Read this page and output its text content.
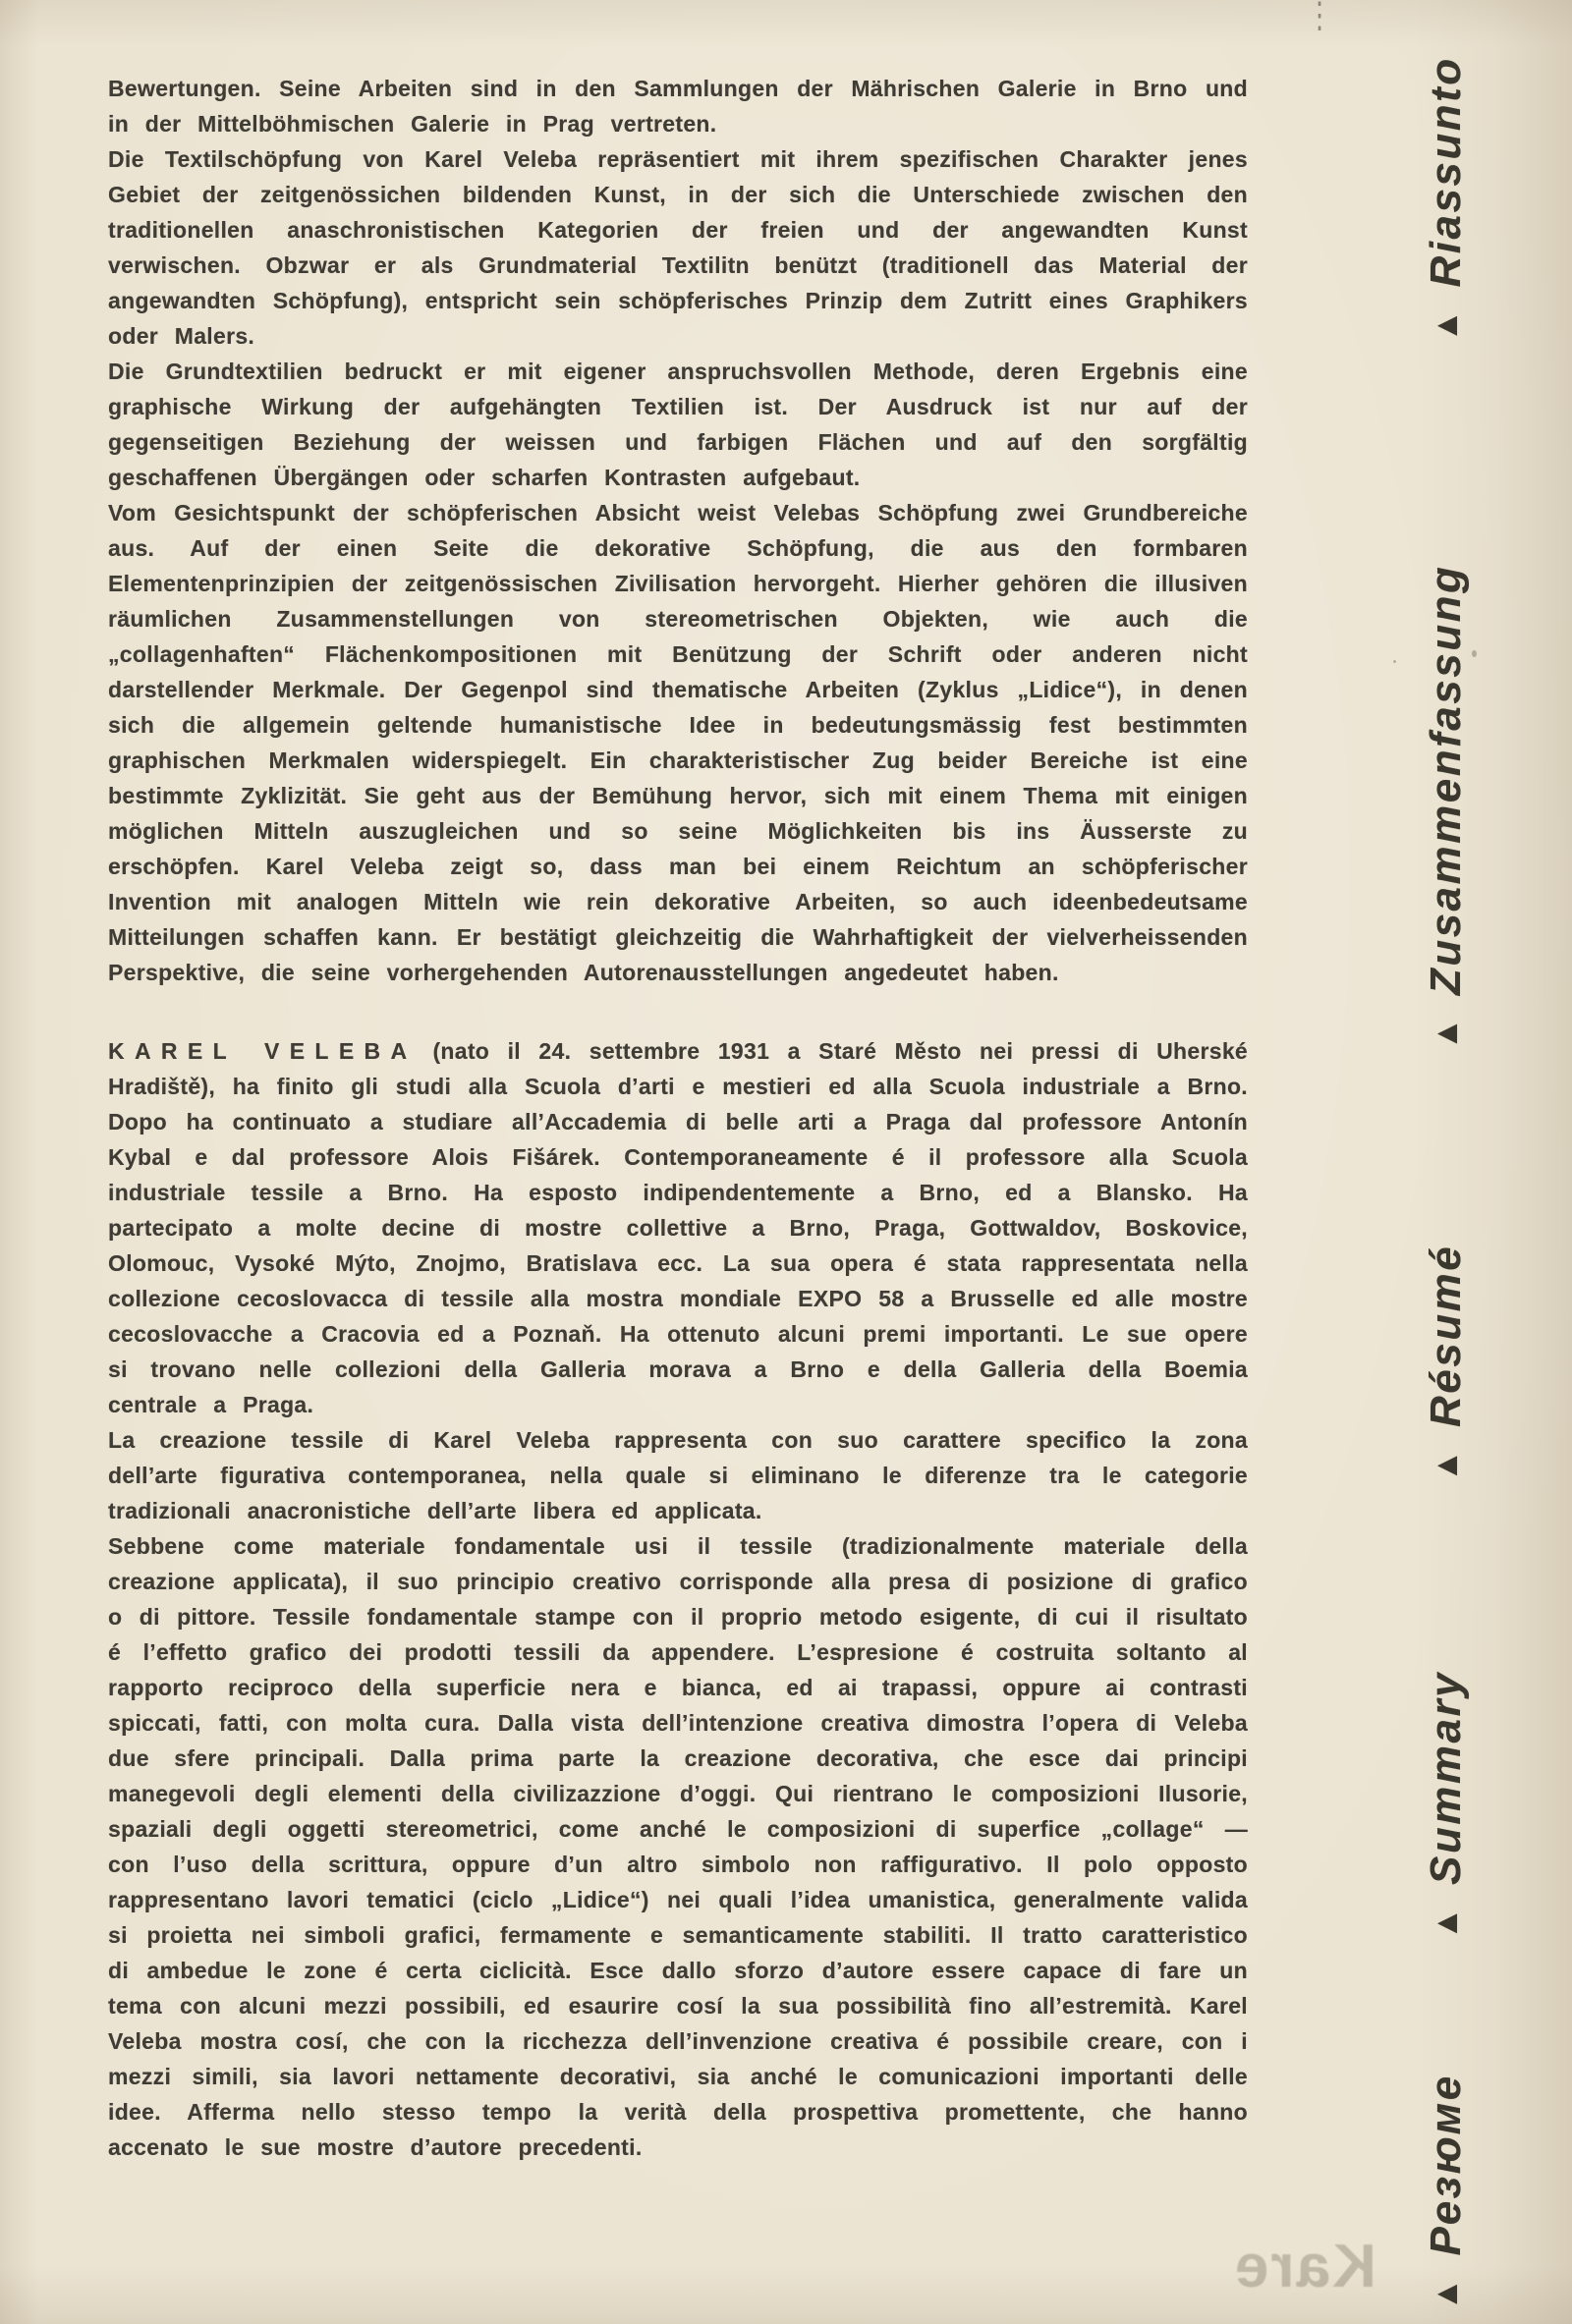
Bewertungen. Seine Arbeiten sind in den Sammlungen der Mährischen Galerie in Brno und in der Mittelböhmischen Galerie in Prag vertreten.

Die Textilschöpfung von Karel Veleba repräsentiert mit ihrem spezifischen Charakter jenes Gebiet der zeitgenössichen bildenden Kunst, in der sich die Unterschiede zwischen den traditionellen anaschronistischen Kategorien der freien und der angewandten Kunst verwischen. Obzwar er als Grundmaterial Textilitn benützt (traditionell das Material der angewandten Schöpfung), entspricht sein schöpferisches Prinzip dem Zutritt eines Graphikers oder Malers.

Die Grundtextilien bedruckt er mit eigener anspruchsvollen Methode, deren Ergebnis eine graphische Wirkung der aufgehängten Textilien ist. Der Ausdruck ist nur auf der gegenseitigen Beziehung der weissen und farbigen Flächen und auf den sorgfältig geschaffenen Übergängen oder scharfen Kontrasten aufgebaut.

Vom Gesichtspunkt der schöpferischen Absicht weist Velebas Schöpfung zwei Grundbereiche aus. Auf der einen Seite die dekorative Schöpfung, die aus den formbaren Elementenprinzipien der zeitgenössischen Zivilisation hervorgeht. Hierher gehören die illusiven räumlichen Zusammenstellungen von stereometrischen Objekten, wie auch die „collagenhaften“ Flächenkompositionen mit Benützung der Schrift oder anderen nicht darstellender Merkmale. Der Gegenpol sind thematische Arbeiten (Zyklus „Lidice“), in denen sich die allgemein geltende humanistische Idee in bedeutungsmässig fest bestimmten graphischen Merkmalen widerspiegelt. Ein charakteristischer Zug beider Bereiche ist eine bestimmte Zyklizität. Sie geht aus der Bemühung hervor, sich mit einem Thema mit einigen möglichen Mitteln auszugleichen und so seine Möglichkeiten bis ins Äusserste zu erschöpfen. Karel Veleba zeigt so, dass man bei einem Reichtum an schöpferischer Invention mit analogen Mitteln wie rein dekorative Arbeiten, so auch ideenbedeutsame Mitteilungen schaffen kann. Er bestätigt gleichzeitig die Wahrhaftigkeit der vielverheissenden Perspektive, die seine vorhergehenden Autorenausstellungen angedeutet haben.

KAREL VELEBA (nato il 24. settembre 1931 a Staré Město nei pressi di Uherské Hradiště), ha finito gli studi alla Scuola d’arti e mestieri ed alla Scuola industriale a Brno. Dopo ha continuato a studiare all’Accademia di belle arti a Praga dal professore Antonín Kybal e dal professore Alois Fišárek. Contemporaneamente é il professore alla Scuola industriale tessile a Brno. Ha esposto indipendentemente a Brno, ed a Blansko. Ha partecipato a molte decine di mostre collettive a Brno, Praga, Gottwaldov, Boskovice, Olomouc, Vysoké Mýto, Znojmo, Bratislava ecc. La sua opera é stata rappresentata nella collezione cecoslovacca di tessile alla mostra mondiale EXPO 58 a Brusselle ed alle mostre cecoslovacche a Cracovia ed a Poznaň. Ha ottenuto alcuni premi importanti. Le sue opere si trovano nelle collezioni della Galleria morava a Brno e della Galleria della Boemia centrale a Praga.

La creazione tessile di Karel Veleba rappresenta con suo carattere specifico la zona dell’arte figurativa contemporanea, nella quale si eliminano le diferenze tra le categorie tradizionali anacronistiche dell’arte libera ed applicata.

Sebbene come materiale fondamentale usi il tessile (tradizionalmente materiale della creazione applicata), il suo principio creativo corrisponde alla presa di posizione di grafico o di pittore. Tessile fondamentale stampe con il proprio metodo esigente, di cui il risultato é l’effetto grafico dei prodotti tessili da appendere. L’espresione é costruita soltanto al rapporto reciproco della superficie nera e bianca, ed ai trapassi, oppure ai contrasti spiccati, fatti, con molta cura. Dalla vista dell’intenzione creativa dimostra l’opera di Veleba due sfere principali. Dalla prima parte la creazione decorativa, che esce dai principi manegevoli degli elementi della civilizazzione d’oggi. Qui rientrano le composizioni Ilusorie, spaziali degli oggetti stereometrici, come anché le composizioni di superfice „collage“ — con l’uso della scrittura, oppure d’un altro simbolo non raffigurativo. Il polo opposto rappresentano lavori tematici (ciclo „Lidice“) nei quali l’idea umanistica, generalmente valida si proietta nei simboli grafici, fermamente e semanticamente stabiliti. Il tratto caratteristico di ambedue le zone é certa ciclicità. Esce dallo sforzo d’autore essere capace di fare un tema con alcuni mezzi possibili, ed esaurire cosí la sua possibilità fino all’estremità. Karel Veleba mostra cosí, che con la ricchezza dell’invenzione creativa é possibile creare, con i mezzi simili, sia lavori nettamente decorativi, sia anché le comunicazioni importanti delle idee. Afferma nello stesso tempo la verità della prospettiva promettente, che hanno accenato le sue mostre d’autore precedenti.

▲Riassunto
▲Zusammenfassung
▲Résumé
▲Summary
▲Резюме
⋮
Kare
